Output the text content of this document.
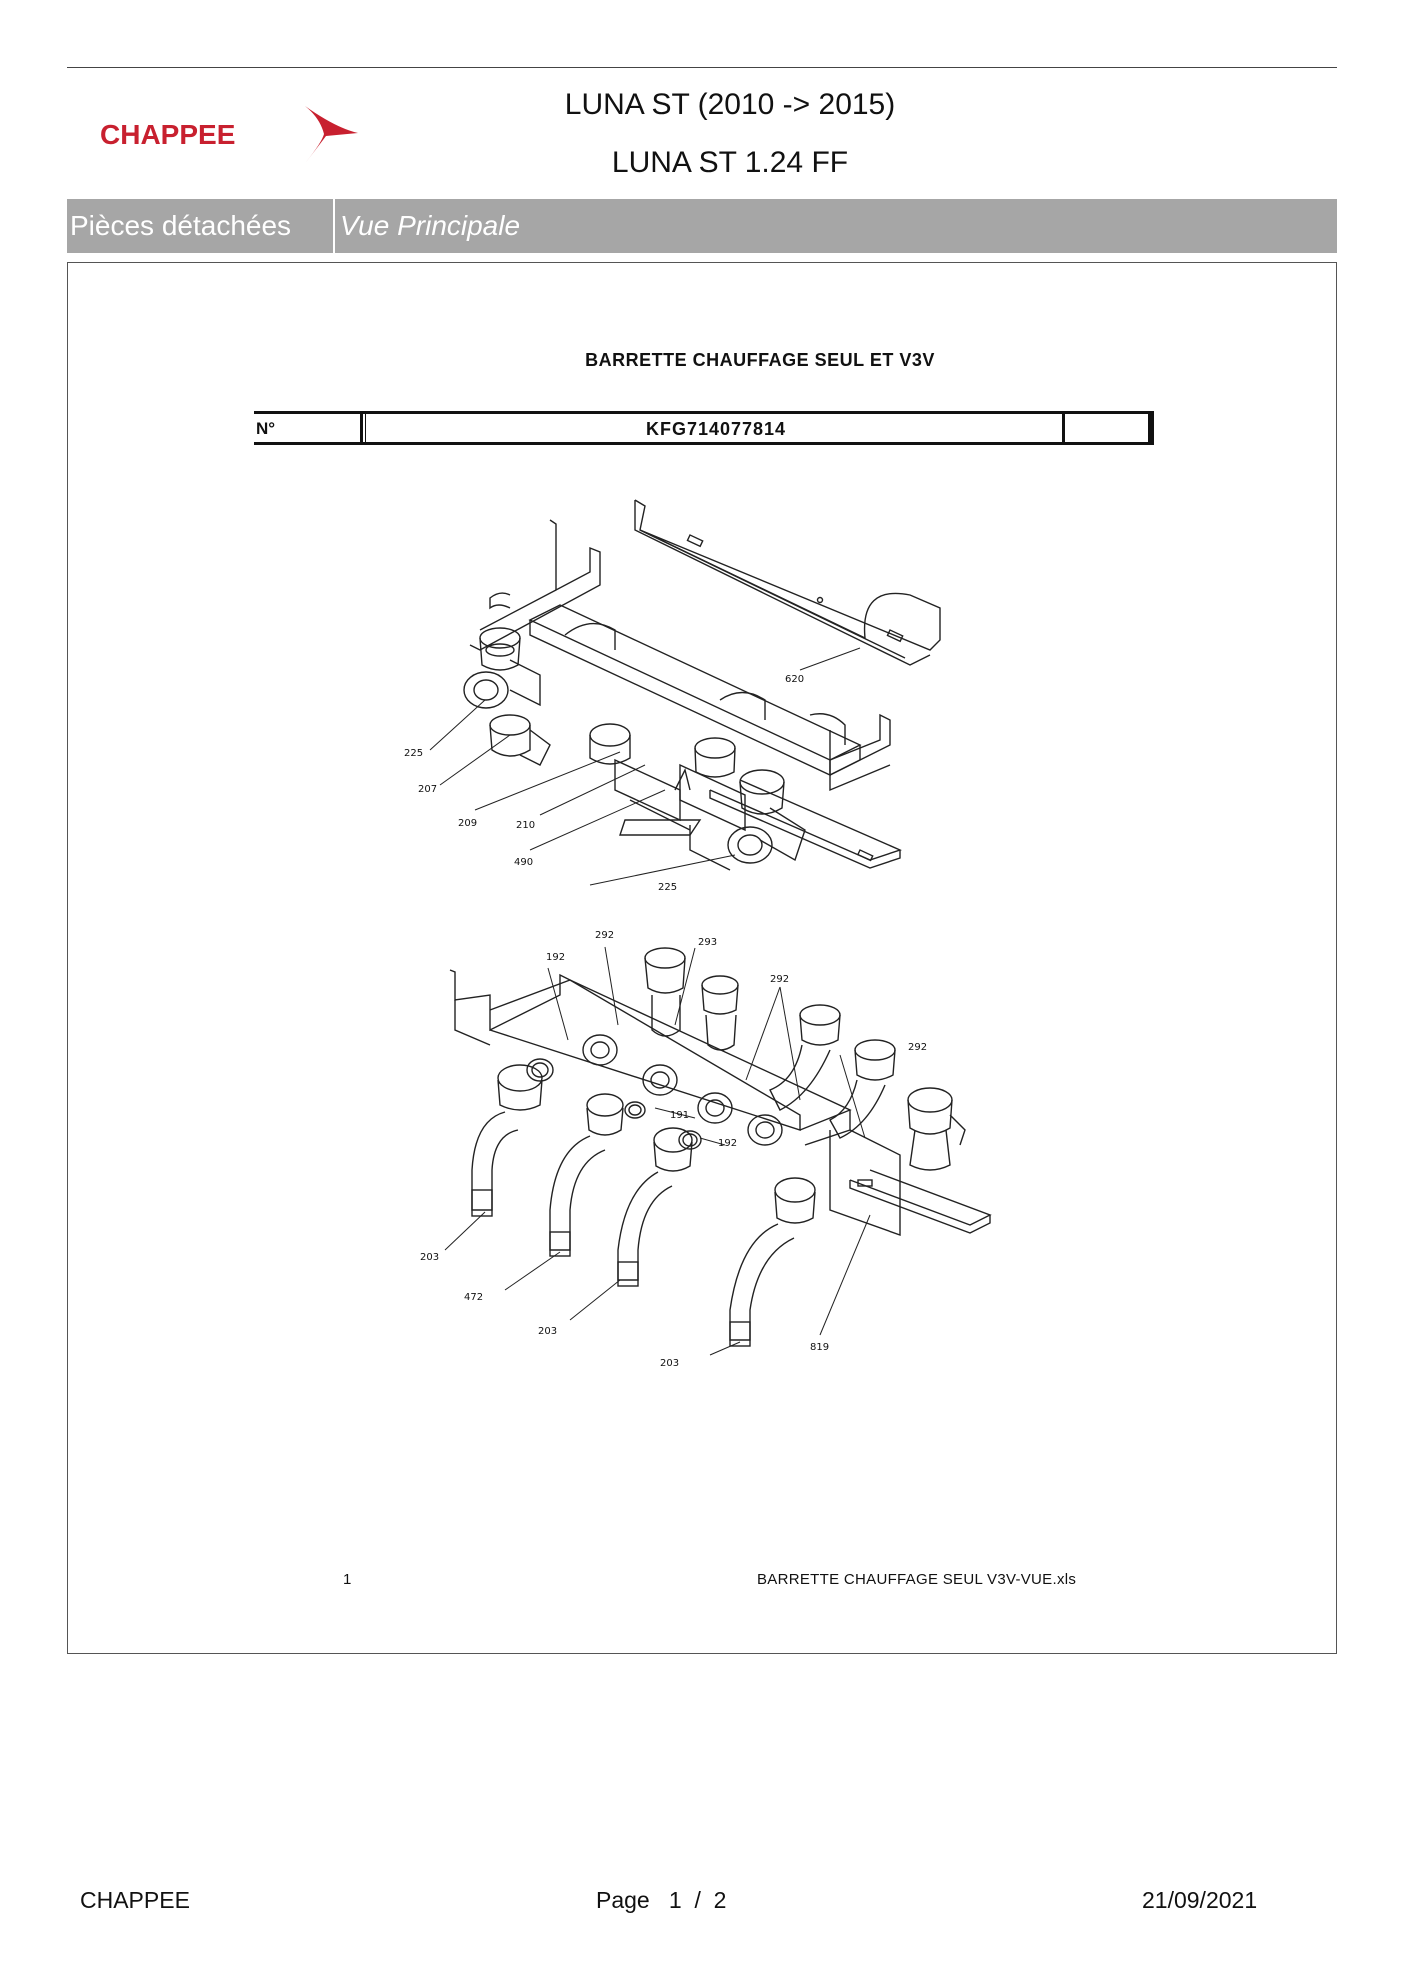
CHAPPEE
LUNA ST (2010 -> 2015)
LUNA ST 1.24 FF
Pièces détachées	Vue Principale
BARRETTE CHAUFFAGE SEUL ET V3V
N°	KFG714077814
620
225
207
209	210
490
225
192
292
293
292
292
191
192
203
472
203
203
819
1	BARRETTE CHAUFFAGE SEUL V3V-VUE.xls
CHAPPEE	Page   1  /  2	21/09/2021
